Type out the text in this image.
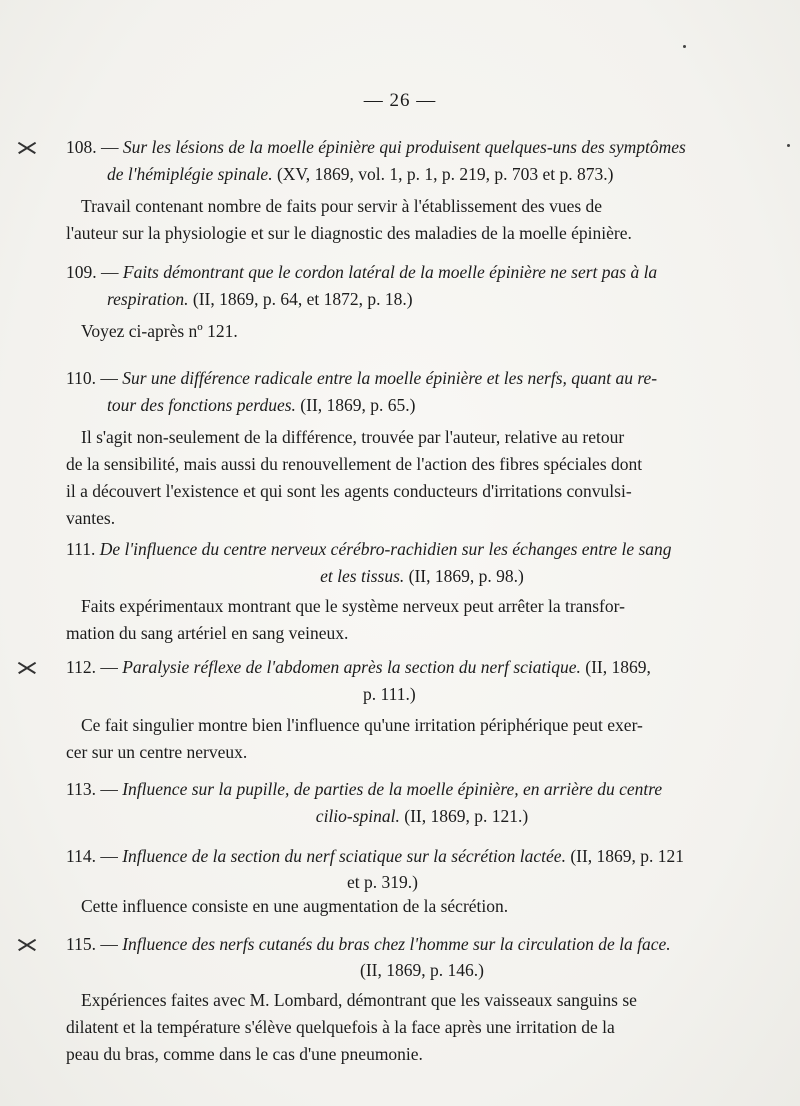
— 26 —
108. — Sur les lésions de la moelle épinière qui produisent quelques-uns des symptômes
de l'hémiplégie spinale. (XV, 1869, vol. 1, p. 1, p. 219, p. 703 et p. 873.)
Travail contenant nombre de faits pour servir à l'établissement des vues de
l'auteur sur la physiologie et sur le diagnostic des maladies de la moelle épinière.
109. — Faits démontrant que le cordon latéral de la moelle épinière ne sert pas à la
respiration. (II, 1869, p. 64, et 1872, p. 18.)
Voyez ci-après nº 121.
110. — Sur une différence radicale entre la moelle épinière et les nerfs, quant au re-
tour des fonctions perdues. (II, 1869, p. 65.)
Il s'agit non-seulement de la différence, trouvée par l'auteur, relative au retour
de la sensibilité, mais aussi du renouvellement de l'action des fibres spéciales dont
il a découvert l'existence et qui sont les agents conducteurs d'irritations convulsi-
vantes.
111. De l'influence du centre nerveux cérébro-rachidien sur les échanges entre le sang
et les tissus. (II, 1869, p. 98.)
Faits expérimentaux montrant que le système nerveux peut arrêter la transfor-
mation du sang artériel en sang veineux.
112. — Paralysie réflexe de l'abdomen après la section du nerf sciatique. (II, 1869,
p. 111.)
Ce fait singulier montre bien l'influence qu'une irritation périphérique peut exer-
cer sur un centre nerveux.
113. — Influence sur la pupille, de parties de la moelle épinière, en arrière du centre
cilio-spinal. (II, 1869, p. 121.)
114. — Influence de la section du nerf sciatique sur la sécrétion lactée. (II, 1869, p. 121
et p. 319.)
Cette influence consiste en une augmentation de la sécrétion.
115. — Influence des nerfs cutanés du bras chez l'homme sur la circulation de la face.
(II, 1869, p. 146.)
Expériences faites avec M. Lombard, démontrant que les vaisseaux sanguins se
dilatent et la température s'élève quelquefois à la face après une irritation de la
peau du bras, comme dans le cas d'une pneumonie.
